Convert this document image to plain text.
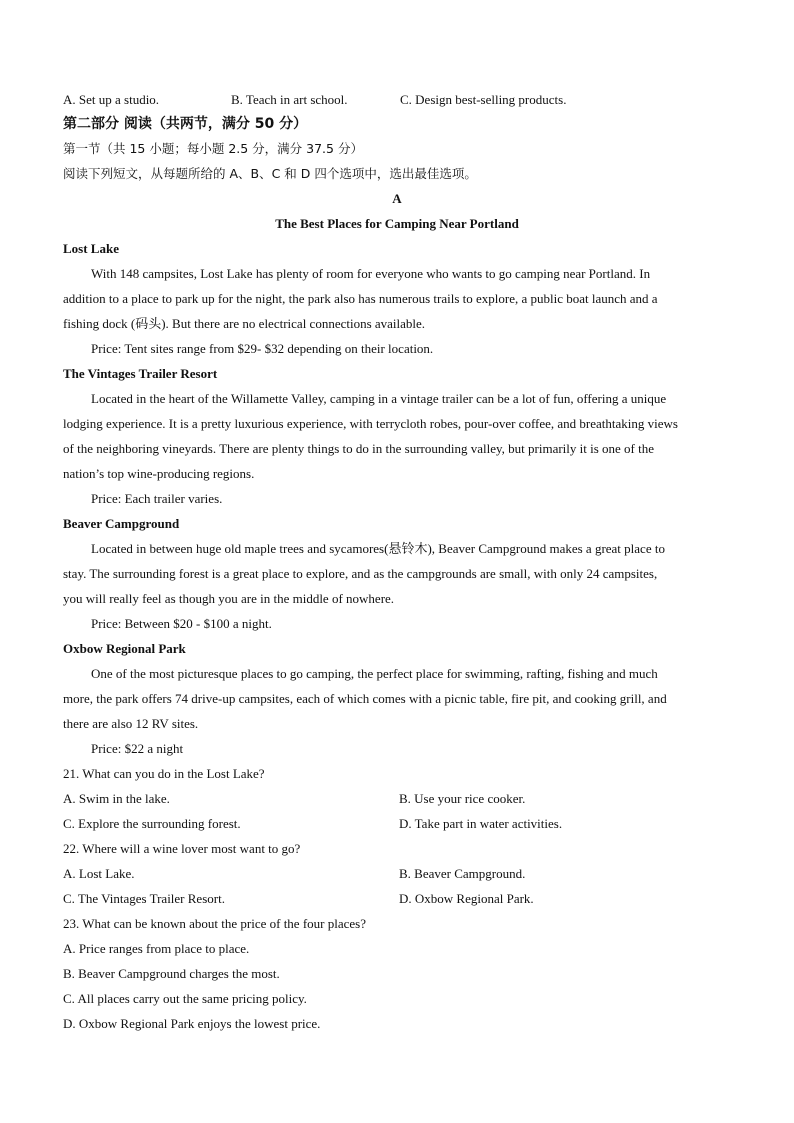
A. Set up a studio.	B. Teach in art school.	C. Design best-selling products.
第二部分 阅读（共两节，满分 50 分）
第一节（共 15 小题；每小题 2.5 分，满分 37.5 分）
阅读下列短文，从每题所给的 A、B、C 和 D 四个选项中，选出最佳选项。
A
The Best Places for Camping Near Portland
Lost Lake
With 148 campsites, Lost Lake has plenty of room for everyone who wants to go camping near Portland. In
addition to a place to park up for the night, the park also has numerous trails to explore, a public boat launch and a
fishing dock (码头). But there are no electrical connections available.
Price: Tent sites range from $29- $32 depending on their location.
The Vintages Trailer Resort
Located in the heart of the Willamette Valley, camping in a vintage trailer can be a lot of fun, offering a unique
lodging experience. It is a pretty luxurious experience, with terrycloth robes, pour-over coffee, and breathtaking views
of the neighboring vineyards. There are plenty things to do in the surrounding valley, but primarily it is one of the
nation’s top wine-producing regions.
Price: Each trailer varies.
Beaver Campground
Located in between huge old maple trees and sycamores(悬铃木), Beaver Campground makes a great place to
stay. The surrounding forest is a great place to explore, and as the campgrounds are small, with only 24 campsites,
you will really feel as though you are in the middle of nowhere.
Price: Between $20 - $100 a night.
Oxbow Regional Park
One of the most picturesque places to go camping, the perfect place for swimming, rafting, fishing and much
more, the park offers 74 drive-up campsites, each of which comes with a picnic table, fire pit, and cooking grill, and
there are also 12 RV sites.
Price: $22 a night
21. What can you do in the Lost Lake?
A. Swim in the lake.	B. Use your rice cooker.
C. Explore the surrounding forest.	D. Take part in water activities.
22. Where will a wine lover most want to go?
A. Lost Lake.	B. Beaver Campground.
C. The Vintages Trailer Resort.	D. Oxbow Regional Park.
23. What can be known about the price of the four places?
A. Price ranges from place to place.
B. Beaver Campground charges the most.
C. All places carry out the same pricing policy.
D. Oxbow Regional Park enjoys the lowest price.
